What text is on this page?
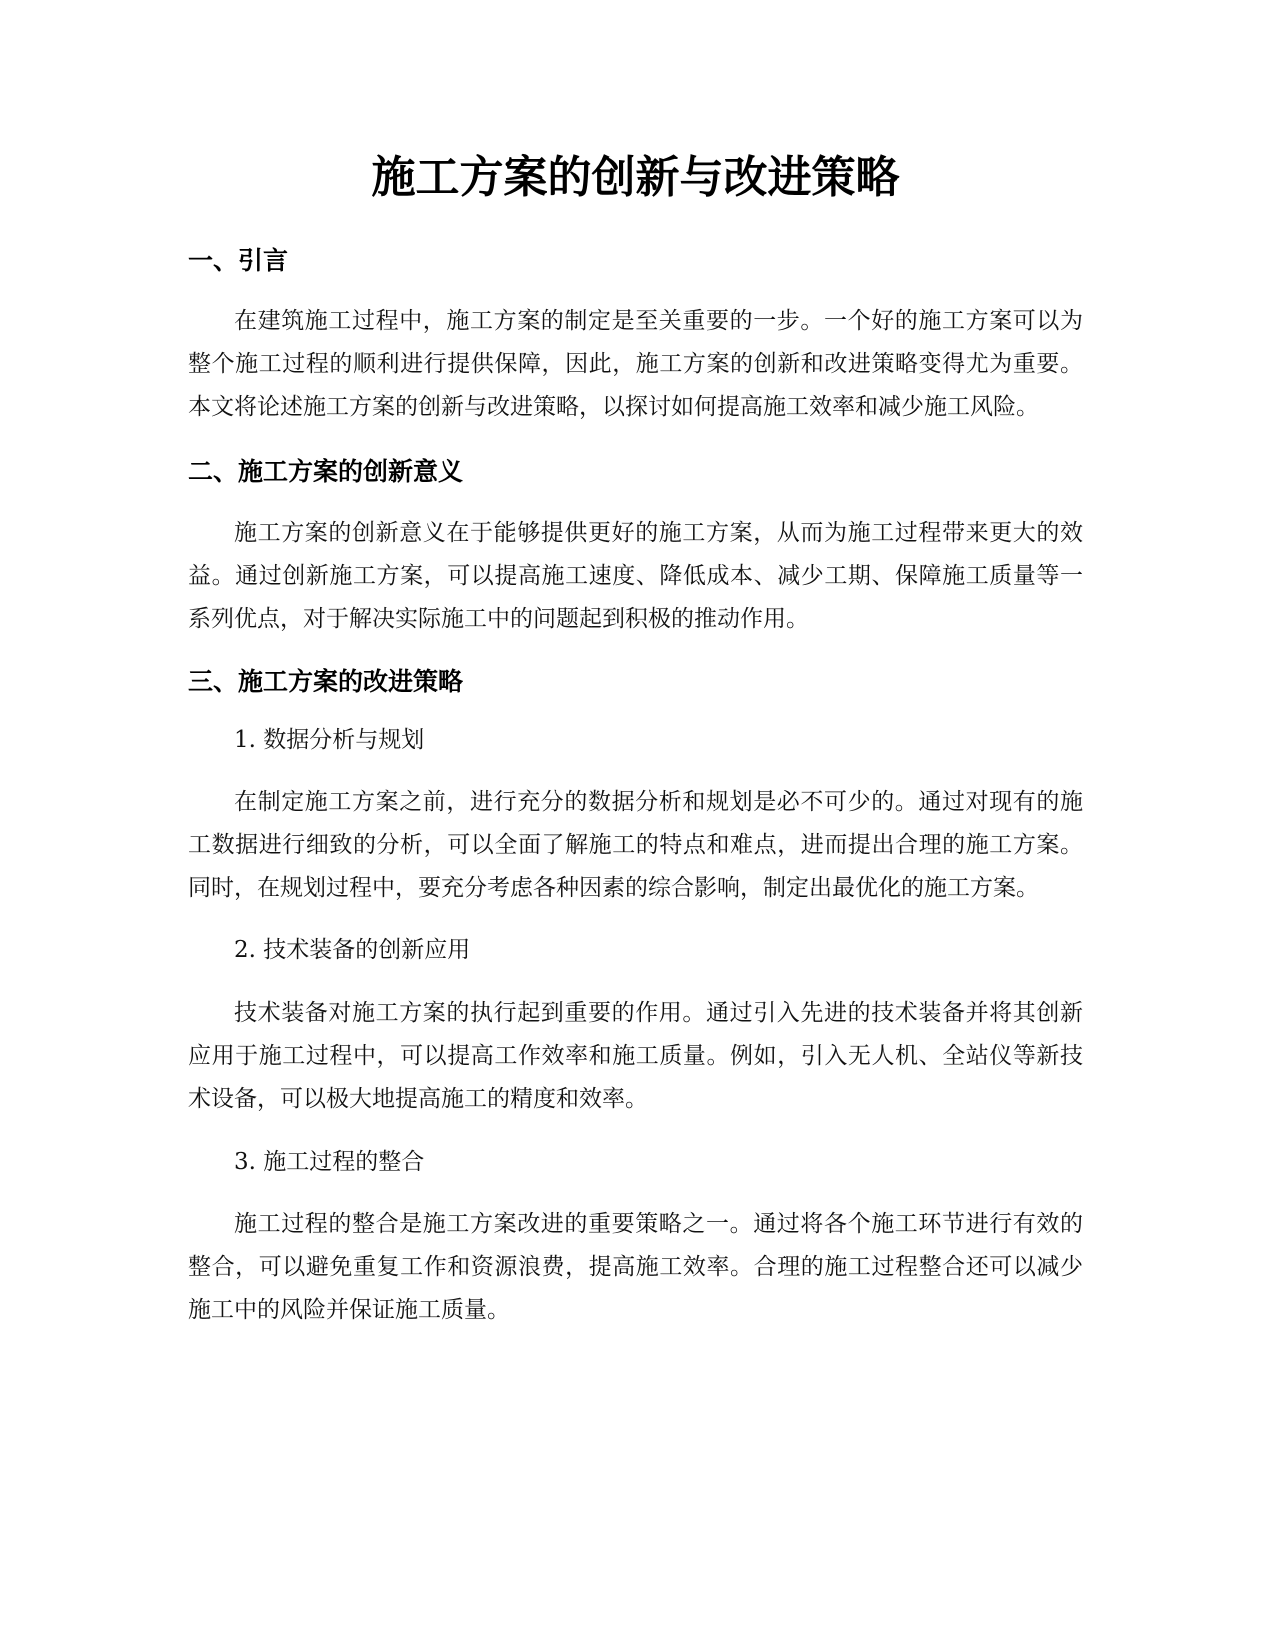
施工方案的创新与改进策略
一、引言

在建筑施工过程中，施工方案的制定是至关重要的一步。一个好的施工方案可以为整个施工过程的顺利进行提供保障，因此，施工方案的创新和改进策略变得尤为重要。本文将论述施工方案的创新与改进策略，以探讨如何提高施工效率和减少施工风险。

二、施工方案的创新意义

施工方案的创新意义在于能够提供更好的施工方案，从而为施工过程带来更大的效益。通过创新施工方案，可以提高施工速度、降低成本、减少工期、保障施工质量等一系列优点，对于解决实际施工中的问题起到积极的推动作用。

三、施工方案的改进策略
1. 数据分析与规划

在制定施工方案之前，进行充分的数据分析和规划是必不可少的。通过对现有的施工数据进行细致的分析，可以全面了解施工的特点和难点，进而提出合理的施工方案。同时，在规划过程中，要充分考虑各种因素的综合影响，制定出最优化的施工方案。

2. 技术装备的创新应用

技术装备对施工方案的执行起到重要的作用。通过引入先进的技术装备并将其创新应用于施工过程中，可以提高工作效率和施工质量。例如，引入无人机、全站仪等新技术设备，可以极大地提高施工的精度和效率。

3. 施工过程的整合

施工过程的整合是施工方案改进的重要策略之一。通过将各个施工环节进行有效的整合，可以避免重复工作和资源浪费，提高施工效率。合理的施工过程整合还可以减少施工中的风险并保证施工质量。
